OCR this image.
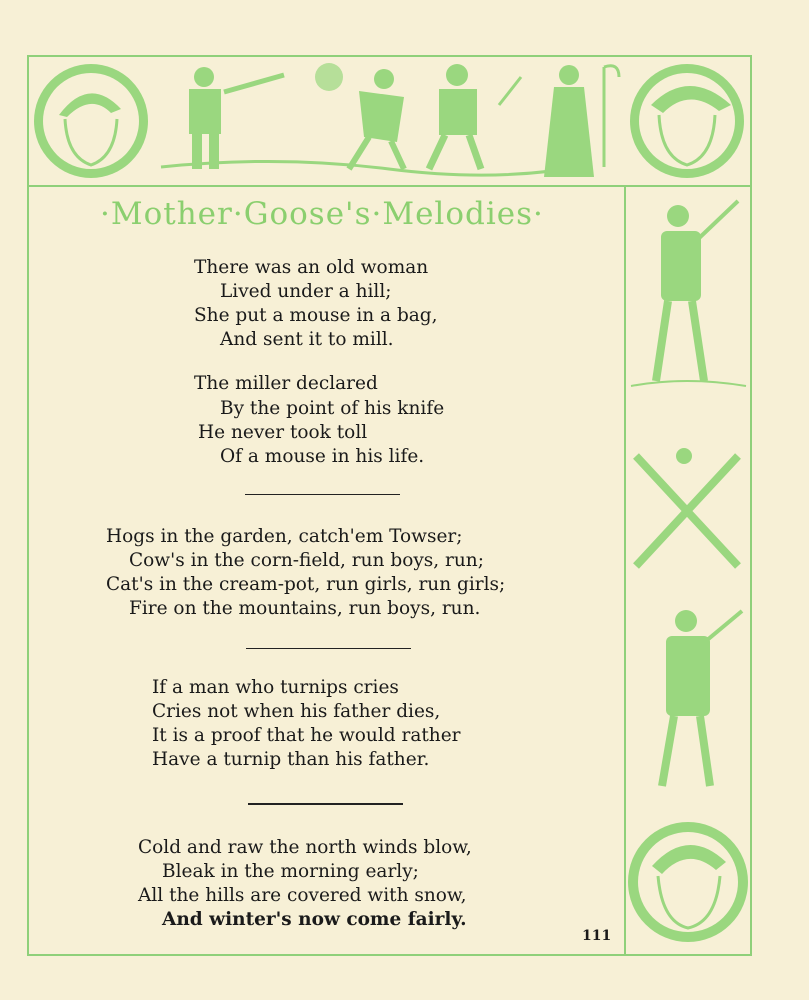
·Mother·Goose's·Melodies·
There was an old woman
Lived under a hill;
She put a mouse in a bag,
And sent it to mill.
The miller declared
By the point of his knife
He never took toll
Of a mouse in his life.
Hogs in the garden, catch'em Towser;
Cow's in the corn-field, run boys, run;
Cat's in the cream-pot, run girls, run girls;
Fire on the mountains, run boys, run.
If a man who turnips cries
Cries not when his father dies,
It is a proof that he would rather
Have a turnip than his father.
Cold and raw the north winds blow,
Bleak in the morning early;
All the hills are covered with snow,
And winter's now come fairly.
111
